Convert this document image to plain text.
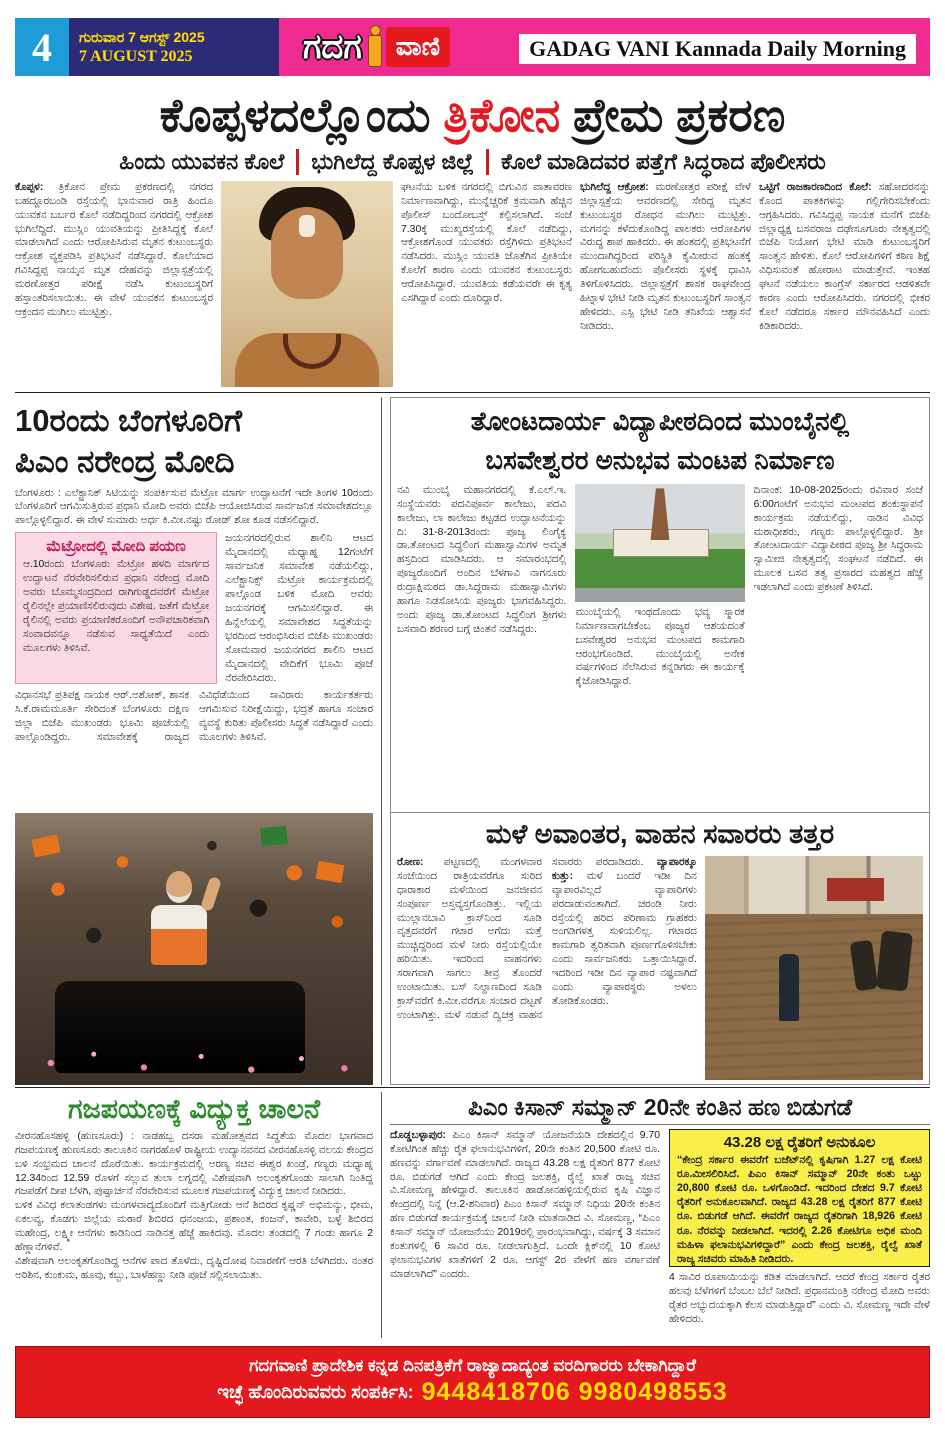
4	ಗುರುವಾರ 7 ಆಗಸ್ಟ್ 2025
7 AUGUST 2025	ಗದಗ	ವಾಣಿ	GADAG VANI Kannada Daily Morning
ಕೊಪ್ಪಳದಲ್ಲೊಂದು ತ್ರಿಕೋನ ಪ್ರೇಮ ಪ್ರಕರಣ
ಹಿಂದು ಯುವಕನ ಕೊಲೆ	ಭುಗಿಲೆದ್ದ ಕೊಪ್ಪಳ ಜಿಲ್ಲೆ	ಕೊಲೆ ಮಾಡಿದವರ ಪತ್ತೆಗೆ ಸಿದ್ಧರಾದ ಪೊಲೀಸರು
ಕೊಪ್ಪಳ: ತ್ರಿಕೋನ ಪ್ರೇಮ ಪ್ರಕರಣದಲ್ಲಿ ನಗರದ ಬಹದ್ದೂರಬಂಡಿ ರಸ್ತೆಯಲ್ಲಿ ಭಾನುವಾರ ರಾತ್ರಿ ಹಿಂದೂ ಯುವಕನ ಬರ್ಬರ ಕೊಲೆ ನಡೆದಿದ್ದರಿಂದ ನಗರದಲ್ಲಿ ಆಕ್ರೋಶ ಭುಗಿಲೆದ್ದಿದೆ. ಮುಸ್ಲಿಂ ಯುವತಿಯನ್ನು ಪ್ರೀತಿಸಿದ್ದಕ್ಕೆ ಕೊಲೆ ಮಾಡಲಾಗಿದೆ ಎಂದು ಆರೋಪಿಸಿರುವ ಮೃತನ ಕುಟುಂಬಸ್ಥರು ಆಕ್ರೋಶ ವ್ಯಕ್ತಪಡಿಸಿ ಪ್ರತಿಭಟನೆ ನಡೆಸಿದ್ದಾರೆ. ಕೊಲೆಯಾದ ಗವಿಸಿದ್ದಪ್ಪ ನಾಯ್ಕನ ಮೃತ ದೇಹವನ್ನು ಜಿಲ್ಲಾಸ್ಪತ್ರೆಯಲ್ಲಿ ಮರಣೋತ್ತರ ಪರೀಕ್ಷೆ ನಡೆಸಿ ಕುಟುಂಬಸ್ಥರಿಗೆ ಹಸ್ತಾಂತರಿಸಲಾಯಿತು. ಈ ವೇಳೆ ಯುವಕನ ಕುಟುಂಬಸ್ಥರ ಆಕ್ರಂದನ ಮುಗಿಲು ಮುಟ್ಟಿತ್ತು.
ಘಟನೆಯ ಬಳಿಕ ನಗರದಲ್ಲಿ ಬಿಗುವಿನ ವಾತಾವರಣ ನಿರ್ಮಾಣವಾಗಿದ್ದು, ಮುನ್ನೆಚ್ಚರಿಕೆ ಕ್ರಮವಾಗಿ ಹೆಚ್ಚಿನ ಪೊಲೀಸ್ ಬಂದೋಬಸ್ತ್ ಕಲ್ಪಿಸಲಾಗಿದೆ. ಸಂಜೆ 7.30ಕ್ಕೆ ಮುಖ್ಯರಸ್ತೆಯಲ್ಲಿ ಕೊಲೆ ನಡೆದಿದ್ದು, ಆಕ್ರೋಶಗೊಂಡ ಯುವಕರು ರಸ್ತೆಗಿಳಿದು ಪ್ರತಿಭಟನೆ ನಡೆಸಿದರು. ಮುಸ್ಲಿಂ ಯುವತಿ ಜೊತೆಗಿನ ಪ್ರೀತಿಯೇ ಕೊಲೆಗೆ ಕಾರಣ ಎಂದು ಯುವಕನ ಕುಟುಂಬಸ್ಥರು ಆರೋಪಿಸಿದ್ದಾರೆ. ಯುವತಿಯ ಕಡೆಯವರೇ ಈ ಕೃತ್ಯ ಎಸಗಿದ್ದಾರೆ ಎಂದು ದೂರಿದ್ದಾರೆ.
ಭುಗಿಲೆದ್ದ ಆಕ್ರೋಶ: ಮರಣೋತ್ತರ ಪರೀಕ್ಷೆ ವೇಳೆ ಜಿಲ್ಲಾಸ್ಪತ್ರೆಯ ಆವರಣದಲ್ಲಿ ಸೇರಿದ್ದ ಮೃತನ ಕುಟುಂಬಸ್ಥರ ರೋಧನ ಮುಗಿಲು ಮುಟ್ಟಿತ್ತು. ಮಗನನ್ನು ಕಳೆದುಕೊಂಡಿದ್ದ ಪಾಲಕರು ಆರೋಪಿಗಳ ವಿರುದ್ಧ ಶಾಪ ಹಾಕಿದರು. ಈ ಹಂತದಲ್ಲಿ ಪ್ರತಿಭಟನೆಗೆ ಮುಂದಾಗಿದ್ದರಿಂದ ಪರಿಸ್ಥಿತಿ ಕೈಮೀರುವ ಹಂತಕ್ಕೆ ಹೋಗಬಹುದೆಂದು ಪೊಲೀಸರು ಸ್ಥಳಕ್ಕೆ ಧಾವಿಸಿ ತಿಳಿಗೊಳಿಸಿದರು. ಜಿಲ್ಲಾಸ್ಪತ್ರೆಗೆ ಶಾಸಕ ರಾಘವೇಂದ್ರ ಹಿಟ್ನಾಳ ಭೇಟಿ ನೀಡಿ ಮೃತನ ಕುಟುಂಬಸ್ಥರಿಗೆ ಸಾಂತ್ವನ ಹೇಳಿದರು. ಎಸ್ಪಿ ಭೇಟಿ ನೀಡಿ ತನಿಖೆಯ ಆಶ್ವಾಸನೆ ನೀಡಿದರು.
ಒಟ್ಟಿಗೆ ರಾಜಕಾರಣದಿಂದ ಕೊಲೆ: ಸಹೋದರನನ್ನು ಕೊಂದ ಪಾತಕಿಗಳನ್ನು ಗಲ್ಲಿಗೇರಿಸಬೇಕೆಂದು ಆಗ್ರಹಿಸಿದರು. ಗವಿಸಿದ್ದಪ್ಪ ನಾಯಕ ಮನೆಗೆ ಬಿಜೆಪಿ ಜಿಲ್ಲಾಧ್ಯಕ್ಷ ಬಸವರಾಜ ದಢೇಸೂಗೂರು ನೇತೃತ್ವದಲ್ಲಿ ಬಿಜೆಪಿ ನಿಯೋಗ ಭೇಟಿ ಮಾಡಿ ಕುಟುಂಬಸ್ಥರಿಗೆ ಸಾಂತ್ವನ ಹೇಳಿತು. ಕೊಲೆ ಆರೋಪಿಗಳಿಗೆ ಕಠಿಣ ಶಿಕ್ಷೆ ವಿಧಿಸುವಂತೆ ಹೋರಾಟ ಮಾಡುತ್ತೇವೆ. ಇಂತಹ ಘಟನೆ ನಡೆಯಲು ಕಾಂಗ್ರೆಸ್ ಸರ್ಕಾರದ ಆಡಳಿತವೇ ಕಾರಣ ಎಂದು ಆರೋಪಿಸಿದರು. ನಗರದಲ್ಲಿ ಭೀಕರ ಕೊಲೆ ನಡೆದರೂ ಸರ್ಕಾರ ಮೌನವಹಿಸಿದೆ ಎಂದು ಕಿಡಿಕಾರಿದರು.
10ರಂದು ಬೆಂಗಳೂರಿಗೆ
ಪಿಎಂ ನರೇಂದ್ರ ಮೋದಿ
ಬೆಂಗಳೂರು : ಎಲೆಕ್ಟ್ರಾನಿಕ್ ಸಿಟಿಯನ್ನು ಸಂಪರ್ಕಿಸುವ ಮೆಟ್ರೋ ಮಾರ್ಗ ಉದ್ಘಾಟನೆಗೆ ಇದೇ ತಿಂಗಳ 10ರಂದು ಬೆಂಗಳೂರಿಗೆ ಆಗಮಿಸುತ್ತಿರುವ ಪ್ರಧಾನಿ ಮೋದಿ ಅವರು ಬಿಜೆಪಿ ಆಯೋಜಿಸಿರುವ ಸಾರ್ವಜನಿಕ ಸಮಾವೇಶದಲ್ಲೂ ಪಾಲ್ಗೊಳ್ಳಲಿದ್ದಾರೆ. ಈ ವೇಳೆ ಸುಮಾರು ಅರ್ಧ ಕಿ.ಮೀ.ನಷ್ಟು ರೋಡ್ ಶೋ ಕೂಡ ನಡೆಸಲಿದ್ದಾರೆ.
ಮೆಟ್ರೋದಲ್ಲಿ ಮೋದಿ ಪಯಣ
ಆ.10ರಂದು ಬೆಂಗಳೂರು ಮೆಟ್ರೋ ಹಳದಿ ಮಾರ್ಗದ ಉದ್ಘಾಟನೆ ನೆರವೇರಿಸಲಿರುವ ಪ್ರಧಾನಿ ನರೇಂದ್ರ ಮೋದಿ ಅವರು ಬೊಮ್ಮಸಂದ್ರದಿಂದ ರಾಗಿಗುಡ್ಡದವರೆಗೆ ಮೆಟ್ರೋ ರೈಲಿನಲ್ಲೇ ಪ್ರಯಾಣಿಸಲಿರುವುದು ವಿಶೇಷ. ಜತೆಗೆ ಮೆಟ್ರೋ ರೈಲಿನಲ್ಲಿ ಅವರು ಪ್ರಯಾಣಿಕರೊಂದಿಗೆ ಅನೌಪಚಾರಿಕವಾಗಿ ಸಂವಾದವನ್ನೂ ನಡೆಸುವ ಸಾಧ್ಯತೆಯಿದೆ ಎಂದು ಮೂಲಗಳು ತಿಳಿಸಿವೆ.
ಜಯನಗರದಲ್ಲಿರುವ ಶಾಲಿನಿ ಆಟದ ಮೈದಾನದಲ್ಲಿ ಮಧ್ಯಾಹ್ನ 12ಗಂಟೆಗೆ ಸಾರ್ವಜನಿಕ ಸಮಾವೇಶ ನಡೆಯಲಿದ್ದು, ಎಲೆಕ್ಟ್ರಾನಿಕ್ಸ್ ಮೆಟ್ರೋ ಕಾರ್ಯಕ್ರಮದಲ್ಲಿ ಪಾಲ್ಗೊಂಡ ಬಳಿಕ ಮೋದಿ ಅವರು ಜಯನಗರಕ್ಕೆ ಆಗಮಿಸಲಿದ್ದಾರೆ. ಈ ಹಿನ್ನೆಲೆಯಲ್ಲಿ ಸಮಾವೇಶದ ಸಿದ್ಧತೆಯನ್ನು ಭರದಿಂದ ಆರಂಭಿಸಿರುವ ಬಿಜೆಪಿ ಮುಖಂಡರು ಸೋಮವಾರ ಜಯನಗರದ ಶಾಲಿನಿ ಆಟದ ಮೈದಾನದಲ್ಲಿ ವೇದಿಕೆಗೆ ಭೂಮಿ ಪೂಜೆ ನೆರವೇರಿಸಿದರು.
ವಿಧಾನಸಭೆ ಪ್ರತಿಪಕ್ಷ ನಾಯಕ ಆರ್.ಅಶೋಕ್, ಶಾಸಕ ಸಿ.ಕೆ.ರಾಮಮೂರ್ತಿ ಸೇರಿದಂತೆ ಬೆಂಗಳೂರು ದಕ್ಷಿಣ ಜಿಲ್ಲಾ ಬಿಜೆಪಿ ಮುಖಂಡರು ಭೂಮಿ ಪೂಜೆಯಲ್ಲಿ ಪಾಲ್ಗೊಂಡಿದ್ದರು. ಸಮಾವೇಶಕ್ಕೆ ರಾಜ್ಯದ ವಿವಿಧೆಡೆಯಿಂದ ಸಾವಿರಾರು ಕಾರ್ಯಕರ್ತರು ಆಗಮಿಸುವ ನಿರೀಕ್ಷೆಯಿದ್ದು, ಭದ್ರತೆ ಹಾಗೂ ಸಂಚಾರ ವ್ಯವಸ್ಥೆ ಕುರಿತು ಪೊಲೀಸರು ಸಿದ್ಧತೆ ನಡೆಸಿದ್ದಾರೆ ಎಂದು ಮೂಲಗಳು ತಿಳಿಸಿವೆ.
ತೋಂಟದಾರ್ಯ ವಿದ್ಯಾಪೀಠದಿಂದ ಮುಂಬೈನಲ್ಲಿ
ಬಸವೇಶ್ವರರ ಅನುಭವ ಮಂಟಪ ನಿರ್ಮಾಣ
ನವಿ ಮುಂಬೈ ಮಹಾನಗರದಲ್ಲಿ ಕೆ.ಎಲ್.ಇ. ಸಂಸ್ಥೆಯವರು ಪದವಿಪೂರ್ವ ಕಾಲೇಜು, ಪದವಿ ಕಾಲೇಜು, ಲಾ ಕಾಲೇಜು ಕಟ್ಟಡದ ಉದ್ಘಾಟನೆಯನ್ನು ದಿ: 31-8-2013ರಂದು ಪೂಜ್ಯ ಲಿಂಗೈಕ್ಯ ಡಾ.ತೋಂಟದ ಸಿದ್ಧಲಿಂಗ ಮಹಾಸ್ವಾಮಿಗಳ ಅಮೃತ ಹಸ್ತದಿಂದ ಮಾಡಿಸಿದರು. ಆ ಸಮಾರಂಭದಲ್ಲಿ ಪೂಜ್ಯರೊಂದಿಗೆ ಅಂದಿನ ಬೆಳಗಾವಿ ನಾಗನೂರು ರುದ್ರಾಕ್ಷಿಮಠದ ಡಾ.ಸಿದ್ದರಾಮ ಮಹಾಸ್ವಾಮಿಗಳು ಹಾಗೂ ನಿಡಸೋಸಿಯ ಪೂಜ್ಯರು ಭಾಗವಹಿಸಿದ್ದರು. ಅಂದು ಪೂಜ್ಯ ಡಾ.ತೋಂಟದ ಸಿದ್ಧಲಿಂಗ ಶ್ರೀಗಳು ಬಸವಾದಿ ಶರಣರ ಬಗ್ಗೆ ಚಿಂತನೆ ನಡೆಸಿದ್ದರು.
ಮುಂಬೈಯಲ್ಲಿ ಇಂಥದೊಂದು ಭವ್ಯ ಸ್ಮಾರಕ ನಿರ್ಮಾಣವಾಗಬೇಕೆಂಬ ಪೂಜ್ಯರ ಆಶಯದಂತೆ ಬಸವೇಶ್ವರರ ಅನುಭವ ಮಂಟಪದ ಕಾಮಗಾರಿ ಆರಂಭಗೊಂಡಿದೆ. ಮುಂಬೈಯಲ್ಲಿ ಅನೇಕ ವರ್ಷಗಳಿಂದ ನೆಲೆಸಿರುವ ಕನ್ನಡಿಗರು ಈ ಕಾರ್ಯಕ್ಕೆ ಕೈಜೋಡಿಸಿದ್ದಾರೆ.
ದಿನಾಂಕ: 10-08-2025ರಂದು ರವಿವಾರ ಸಂಜೆ 6:00ಗಂಟೆಗೆ ಅನುಭವ ಮಂಟಪದ ಶಂಕುಸ್ಥಾಪನೆ ಕಾರ್ಯಕ್ರಮ ನಡೆಯಲಿದ್ದು, ನಾಡಿನ ವಿವಿಧ ಮಠಾಧೀಶರು, ಗಣ್ಯರು ಪಾಲ್ಗೊಳ್ಳಲಿದ್ದಾರೆ. ಶ್ರೀ ತೋಂಟದಾರ್ಯ ವಿದ್ಯಾಪೀಠದ ಪೂಜ್ಯ ಶ್ರೀ ಸಿದ್ಧರಾಮ ಸ್ವಾಮೀಜಿ ನೇತೃತ್ವದಲ್ಲಿ ಸಂಘಟನೆ ನಡೆದಿದೆ. ಈ ಮೂಲಕ ಬಸವ ತತ್ವ ಪ್ರಸಾರದ ಮಹತ್ವದ ಹೆಜ್ಜೆ ಇಡಲಾಗಿದೆ ಎಂದು ಪ್ರಕಟಣೆ ತಿಳಿಸಿದೆ.
ಮಳೆ ಅವಾಂತರ, ವಾಹನ ಸವಾರರು ತತ್ತರ
ರೋಣ: ಪಟ್ಟಣದಲ್ಲಿ ಮಂಗಳವಾರ ಸಂಜೆಯಿಂದ ರಾತ್ರಿಯವರೆಗೂ ಸುರಿದ ಧಾರಾಕಾರ ಮಳೆಯಿಂದ ಜನಜೀವನ ಸಂಪೂರ್ಣ ಅಸ್ತವ್ಯಸ್ತಗೊಂಡಿತ್ತು. ಇಲ್ಲಿಯ ಮುಲ್ಲಾನಬಾವಿ ಕ್ರಾಸ್‌ನಿಂದ ಸೂಡಿ ವೃತ್ತದವರೆಗೆ ಗಟಾರ ಅಗೆದು ಮತ್ತೆ ಮುಚ್ಚಿದ್ದರಿಂದ ಮಳೆ ನೀರು ರಸ್ತೆಯಲ್ಲಿಯೇ ಹರಿಯಿತು. ಇದರಿಂದ ವಾಹನಗಳು ಸರಾಗವಾಗಿ ಸಾಗಲು ತೀವ್ರ ತೊಂದರೆ ಉಂಟಾಯಿತು. ಬಸ್ ನಿಲ್ದಾಣದಿಂದ ಸೂಡಿ ಕ್ರಾಸ್‌ವರೆಗೆ ಕಿ.ಮೀ.ವರೆಗೂ ಸಂಚಾರ ದಟ್ಟಣೆ ಉಂಟಾಗಿತ್ತು. ಮಳೆ ನಡುವೆ ದ್ವಿಚಕ್ರ ವಾಹನ ಸವಾರರು ಪರದಾಡಿದರು. ವ್ಯಾಪಾರಕ್ಕೂ ಕುತ್ತು: ಮಳೆ ಬಂದರೆ ಇಡೀ ದಿನ ವ್ಯಾಪಾರವಿಲ್ಲದೆ ವ್ಯಾಪಾರಿಗಳು ಪರದಾಡುವಂತಾಗಿದೆ. ಚರಂಡಿ ನೀರು ರಸ್ತೆಯಲ್ಲಿ ಹರಿದ ಪರಿಣಾಮ ಗ್ರಾಹಕರು ಅಂಗಡಿಗಳತ್ತ ಸುಳಿಯಲಿಲ್ಲ. ಗಟಾರದ ಕಾಮಗಾರಿ ತ್ವರಿತವಾಗಿ ಪೂರ್ಣಗೊಳಿಸಬೇಕು ಎಂದು ಸಾರ್ವಜನಿಕರು ಒತ್ತಾಯಿಸಿದ್ದಾರೆ. ಇದರಿಂದ ಇಡೀ ದಿನ ವ್ಯಾಪಾರ ನಷ್ಟವಾಗಿದೆ ಎಂದು ವ್ಯಾಪಾರಸ್ಥರು ಅಳಲು ತೋಡಿಕೊಂಡರು.
ಗಜಪಯಣಕ್ಕೆ ವಿದ್ಯುಕ್ತ ಚಾಲನೆ
ವೀರನಹೊಸಹಳ್ಳಿ (ಹುಣಸೂರು) : ನಾಡಹಬ್ಬ ದಸರಾ ಮಹೋತ್ಸವದ ಸಿದ್ಧತೆಯ ಮೊದಲ ಭಾಗವಾದ ಗಜಪಯಣಕ್ಕೆ ಹುಣಸೂರು ತಾಲೂಕಿನ ನಾಗರಹೊಳೆ ರಾಷ್ಟ್ರೀಯ ಉದ್ಯಾನವನದ ವೀರನಹೊಸಳ್ಳಿ ವಲಯ ಕೇಂದ್ರದ ಬಳಿ ಸಂಭ್ರಮದ ಚಾಲನೆ ದೊರೆಯಿತು. ಕಾರ್ಯಕ್ರಮದಲ್ಲಿ ಅರಣ್ಯ ಸಚಿವ ಈಶ್ವರ ಖಂಡ್ರೆ, ಗಣ್ಯರು ಮಧ್ಯಾಹ್ನ 12.34ರಿಂದ 12.59 ರೊಳಗೆ ಸಲ್ಲುವ ತುಲಾ ಲಗ್ನದಲ್ಲಿ ವಿಶೇಷವಾಗಿ ಅಲಂಕೃತಗೊಂಡು ಸಾಲಾಗಿ ನಿಂತಿದ್ದ ಗಜಪಡೆಗೆ ದೀಪ ಬೆಳಗಿ, ಪುಷ್ಪಾರ್ಚನೆ ನೆರವೇರಿಸುವ ಮೂಲಕ ಗಜಪಯಣಕ್ಕೆ ವಿದ್ಯುಕ್ತ ಚಾಲನೆ ನೀಡಿದರು.
ಬಳಿಕ ವಿವಿಧ ಕಲಾತಂಡಗಳು ಮಂಗಳವಾದ್ಯದೊಂದಿಗೆ ಮತ್ತಿಗೋಡು ಆನೆ ಶಿಬಿರದ ಕೃಷ್ಣನ್ ಅಭಿಮನ್ಯು, ಭೀಮ, ಏಕಲವ್ಯ, ಕೊಡಗು ಜಿಲ್ಲೆಯ ಮಠಾರೆ ಶಿಬಿರದ ಧನಂಜಯ, ಪ್ರಶಾಂತ, ಕಂಜನ್, ಕಾವೇರಿ, ಬಳ್ಳೆ ಶಿಬಿರದ ಮಹೇಂದ್ರ, ಲಕ್ಷ್ಮೀ ಆನೆಗಳು ಕಾಡಿನಿಂದ ನಾಡಿನತ್ತ ಹೆಜ್ಜೆ ಹಾಕಿದವು. ಮೊದಲ ತಂಡದಲ್ಲಿ 7 ಗಂಡು ಹಾಗೂ 2 ಹೆಣ್ಣಾನೆಗಳಿವೆ.
ವಿಶೇಷವಾಗಿ ಅಲಂಕೃತಗೊಂಡಿದ್ದ ಆನೆಗಳ ಪಾದ ತೊಳೆದು, ದೃಷ್ಟಿದೋಷ ನಿವಾರಣೆಗೆ ಆರತಿ ಬೆಳಗಿದರು. ನಂತರ ಅರಿಶಿನ, ಕುಂಕುಮ, ಹೂವು, ಕಬ್ಬು, ಬಾಳೆಹಣ್ಣು ನೀಡಿ ಪೂಜೆ ಸಲ್ಲಿಸಲಾಯಿತು.
ಪಿಎಂ ಕಿಸಾನ್ ಸಮ್ಮಾನ್ 20ನೇ ಕಂತಿನ ಹಣ ಬಿಡುಗಡೆ
ದೊಡ್ಡಬಳ್ಳಾಪುರ: ಪಿಎಂ ಕಿಸಾನ್ ಸಮ್ಮಾನ್ ಯೋಜನೆಯಡಿ ದೇಶದಲ್ಲಿನ 9.70 ಕೋಟಿಗಿಂತ ಹೆಚ್ಚು ರೈತ ಫಲಾನುಭವಿಗಳಿಗೆ, 20ನೇ ಕಂತಿನ 20,500 ಕೋಟಿ ರೂ. ಹಣವನ್ನು ವರ್ಗಾವಣೆ ಮಾಡಲಾಗಿದೆ. ರಾಜ್ಯದ 43.28 ಲಕ್ಷ ರೈತರಿಗೆ 877 ಕೋಟಿ ರೂ. ಬಿಡುಗಡೆ ಆಗಿದೆ ಎಂದು ಕೇಂದ್ರ ಜಲಶಕ್ತಿ, ರೈಲ್ವೆ ಖಾತೆ ರಾಜ್ಯ ಸಚಿವ ವಿ.ಸೋಮಣ್ಣ ಹೇಳಿದ್ದಾರೆ. ತಾಲೂಕಿನ ಹಾಡೋನಹಳ್ಳಿಯಲ್ಲಿರುವ ಕೃಷಿ ವಿಜ್ಞಾನ ಕೇಂದ್ರದಲ್ಲಿ ನಿನ್ನೆ (ಆ.2-ಶನಿವಾರ) ಪಿಎಂ ಕಿಸಾನ್ ಸಮ್ಮಾನ್ ನಿಧಿಯ 20ನೇ ಕಂತಿನ ಹಣ ಬಿಡುಗಡೆ ಕಾರ್ಯಕ್ರಮಕ್ಕೆ ಚಾಲನೆ ನೀಡಿ ಮಾತನಾಡಿದ ವಿ. ಸೋಮಣ್ಣ, “ಪಿಎಂ ಕಿಸಾನ್ ಸಮ್ಮಾನ್ ಯೋಜನೆಯು 2019ರಲ್ಲಿ ಪ್ರಾರಂಭವಾಗಿದ್ದು, ವರ್ಷಕ್ಕೆ 3 ಸಮಾನ ಕಂತುಗಳಲ್ಲಿ 6 ಸಾವಿರ ರೂ. ನೀಡಲಾಗುತ್ತಿದೆ. ಒಂದೇ ಕ್ಲಿಕ್‌ನಲ್ಲಿ 10 ಕೋಟಿ ಫಲಾನುಭವಿಗಳ ಖಾತೆಗಳಿಗೆ 2 ರೂ. ಆಗಸ್ಟ್ 2ರ ವೇಳೆಗೆ ಹಣ ವರ್ಗಾವಣೆ ಮಾಡಲಾಗಿದೆ” ಎಂದರು.
43.28 ಲಕ್ಷ ರೈತರಿಗೆ ಅನುಕೂಲ
“ಕೇಂದ್ರ ಸರ್ಕಾರ ಈವರೆಗೆ ಬಜೆಟ್‌ನಲ್ಲಿ ಕೃಷಿಗಾಗಿ 1.27 ಲಕ್ಷ ಕೋಟಿ ರೂ.ಮೀಸಲಿರಿಸಿದೆ. ಪಿಎಂ ಕಿಸಾನ್ ಸಮ್ಮಾನ್ 20ನೇ ಕಂತು ಒಟ್ಟು 20,800 ಕೋಟಿ ರೂ. ಒಳಗೊಂಡಿದೆ. ಇದರಿಂದ ದೇಶದ 9.7 ಕೋಟಿ ರೈತರಿಗೆ ಅನುಕೂಲವಾಗಿದೆ. ರಾಜ್ಯದ 43.28 ಲಕ್ಷ ರೈತರಿಗೆ 877 ಕೋಟಿ ರೂ. ಬಿಡುಗಡೆ ಆಗಿದೆ. ಈವರೆಗೆ ರಾಜ್ಯದ ರೈತರಿಗಾಗಿ 18,926 ಕೋಟಿ ರೂ. ನೆರವನ್ನು ನೀಡಲಾಗಿದೆ. ಇದರಲ್ಲಿ 2.26 ಕೋಟಿಗೂ ಅಧಿಕ ಮಂದಿ ಮಹಿಳಾ ಫಲಾನುಭವಿಗಳಿದ್ದಾರೆ” ಎಂದು ಕೇಂದ್ರ ಜಲಶಕ್ತಿ, ರೈಲ್ವೆ ಖಾತೆ ರಾಜ್ಯ ಸಚಿವರು ಮಾಹಿತಿ ನೀಡಿದರು.
4 ಸಾವಿರ ರೂಪಾಯಿಯನ್ನು ಕಡಿತ ಮಾಡಲಾಗಿದೆ. ಆದರೆ ಕೇಂದ್ರ ಸರ್ಕಾರ ರೈತರ ಹಲವು ಬೆಳೆಗಳಿಗೆ ಬೆಂಬಲ ಬೆಲೆ ನೀಡಿದೆ. ಪ್ರಧಾನಮಂತ್ರಿ ನರೇಂದ್ರ ಮೋದಿ ಅವರು ರೈತರ ಅಭ್ಯುದಯಕ್ಕಾಗಿ ಕೆಲಸ ಮಾಡುತ್ತಿದ್ದಾರೆ” ಎಂದು ವಿ. ಸೋಮಣ್ಣ ಇದೇ ವೇಳೆ ಹೇಳಿದರು.
ಗದಗವಾಣಿ ಪ್ರಾದೇಶಿಕ ಕನ್ನಡ ದಿನಪತ್ರಿಕೆಗೆ ರಾಜ್ಯಾದಾದ್ಯಂತ ವರದಿಗಾರರು ಬೇಕಾಗಿದ್ದಾರೆ
ಇಚ್ಛೆ ಹೊಂದಿರುವವರು ಸಂಪರ್ಕಿಸಿ: 9448418706 9980498553
